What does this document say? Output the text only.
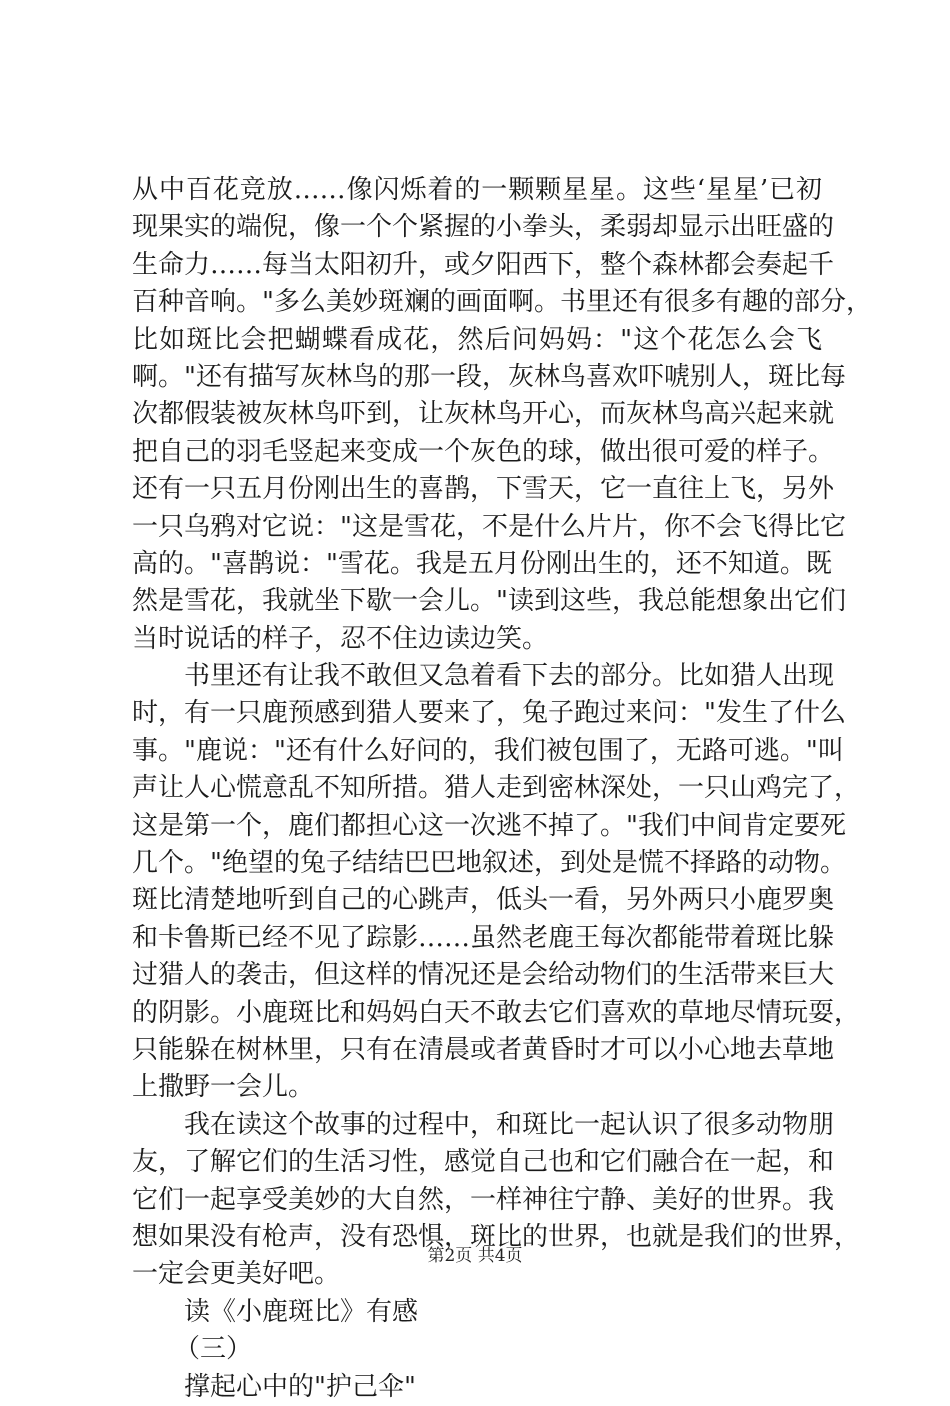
从中百花竞放……像闪烁着的一颗颗星星。这些‘星星’已初
现果实的端倪，像一个个紧握的小拳头，柔弱却显示出旺盛的
生命力……每当太阳初升，或夕阳西下，整个森林都会奏起千
百种音响。"多么美妙斑斓的画面啊。书里还有很多有趣的部分，
比如斑比会把蝴蝶看成花，然后问妈妈："这个花怎么会飞
啊。"还有描写灰林鸟的那一段，灰林鸟喜欢吓唬别人，斑比每
次都假装被灰林鸟吓到，让灰林鸟开心，而灰林鸟高兴起来就
把自己的羽毛竖起来变成一个灰色的球，做出很可爱的样子。
还有一只五月份刚出生的喜鹊，下雪天，它一直往上飞，另外
一只乌鸦对它说："这是雪花，不是什么片片，你不会飞得比它
高的。"喜鹊说："雪花。我是五月份刚出生的，还不知道。既
然是雪花，我就坐下歇一会儿。"读到这些，我总能想象出它们
当时说话的样子，忍不住边读边笑。
书里还有让我不敢但又急着看下去的部分。比如猎人出现
时，有一只鹿预感到猎人要来了，兔子跑过来问："发生了什么
事。"鹿说："还有什么好问的，我们被包围了，无路可逃。"叫
声让人心慌意乱不知所措。猎人走到密林深处，一只山鸡完了，
这是第一个，鹿们都担心这一次逃不掉了。"我们中间肯定要死
几个。"绝望的兔子结结巴巴地叙述，到处是慌不择路的动物。
斑比清楚地听到自己的心跳声，低头一看，另外两只小鹿罗奥
和卡鲁斯已经不见了踪影……虽然老鹿王每次都能带着斑比躲
过猎人的袭击，但这样的情况还是会给动物们的生活带来巨大
的阴影。小鹿斑比和妈妈白天不敢去它们喜欢的草地尽情玩耍，
只能躲在树林里，只有在清晨或者黄昏时才可以小心地去草地
上撒野一会儿。
我在读这个故事的过程中，和斑比一起认识了很多动物朋
友，了解它们的生活习性，感觉自己也和它们融合在一起，和
它们一起享受美妙的大自然，一样神往宁静、美好的世界。我
想如果没有枪声，没有恐惧，斑比的世界，也就是我们的世界，
一定会更美好吧。
读《小鹿斑比》有感
（三）
撑起心中的"护己伞"
第2页 共4页
